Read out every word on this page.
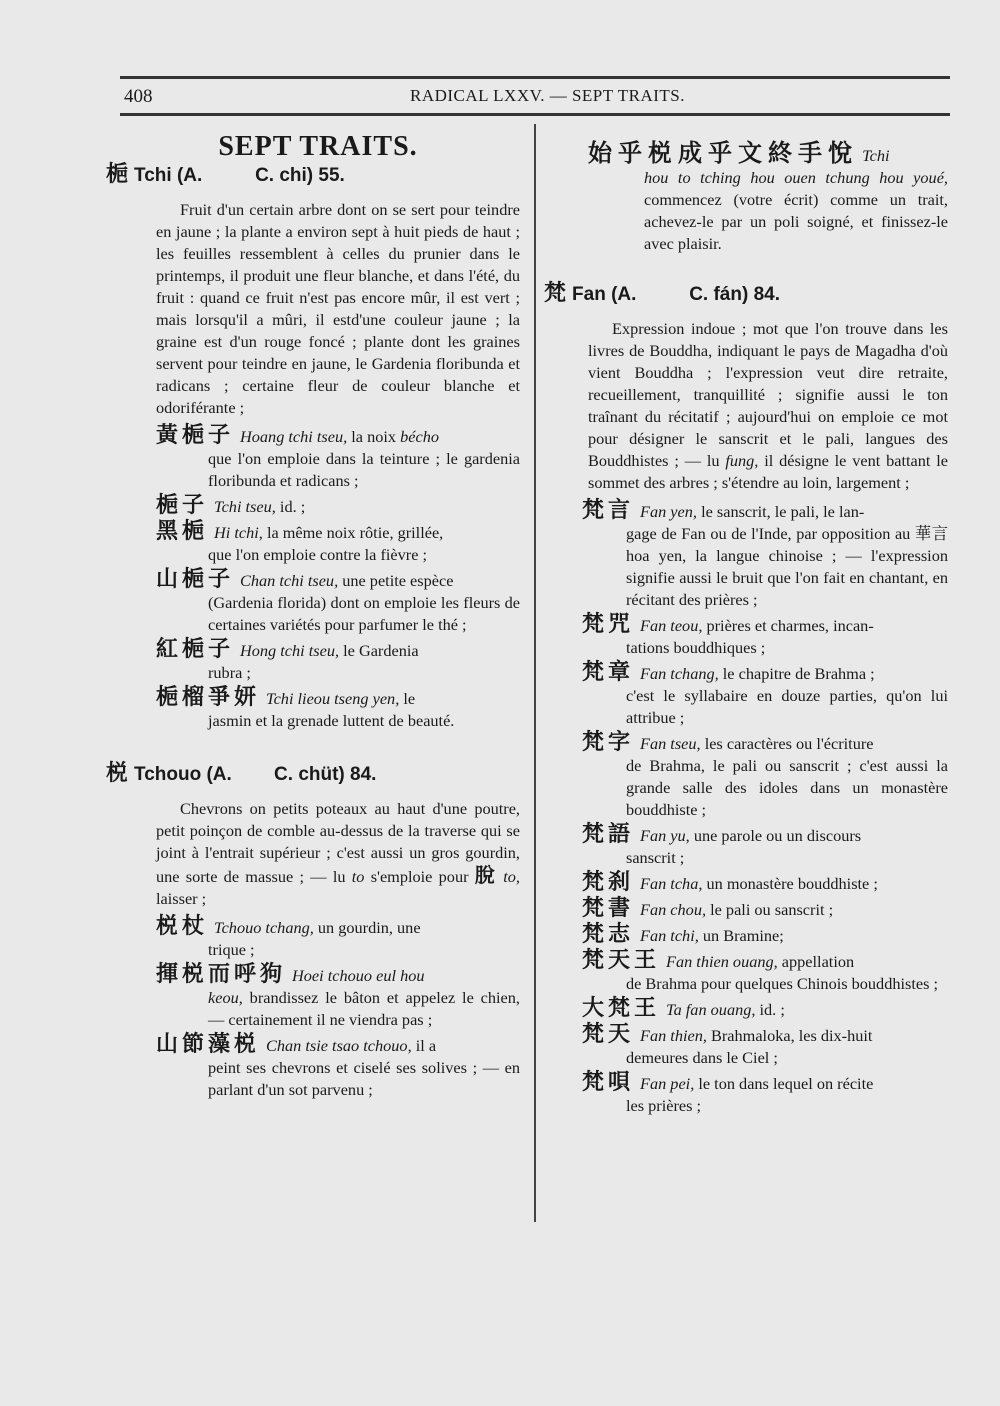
408	RADICAL LXXV. — SEPT TRAITS.
SEPT TRAITS.
梔 Tchi (A.	C. chi) 55.
Fruit d'un certain arbre dont on se sert pour teindre en jaune ; la plante a environ sept à huit pieds de haut ; les feuilles ressemblent à celles du prunier dans le printemps, il produit une fleur blanche, et dans l'été, du fruit : quand ce fruit n'est pas encore mûr, il est vert ; mais lorsqu'il a mûri, il estd'une couleur jaune ; la graine est d'un rouge foncé ; plante dont les graines servent pour teindre en jaune, le Gardenia floribunda et radicans ; certaine fleur de couleur blanche et odoriférante ;
黃梔子 Hoang tchi tseu, la noix bécho
que l'on emploie dans la teinture ; le gardenia floribunda et radicans ;
梔子 Tchi tseu, id. ;
黑梔 Hi tchi, la même noix rôtie, grillée,
que l'on emploie contre la fièvre ;
山梔子 Chan tchi tseu, une petite espèce
(Gardenia florida) dont on emploie les fleurs de certaines variétés pour parfumer le thé ;
紅梔子 Hong tchi tseu, le Gardenia
rubra ;
梔榴爭妍 Tchi lieou tseng yen, le
jasmin et la grenade luttent de beauté.
棁 Tchouo (A. C. chüt) 84.
Chevrons on petits poteaux au haut d'une poutre, petit poinçon de comble au-dessus de la traverse qui se joint à l'entrait supérieur ; c'est aussi un gros gourdin, une sorte de massue ; — lu to s'emploie pour 脫 to, laisser ;
棁杖 Tchouo tchang, un gourdin, une
trique ;
揮棁而呼狗 Hoei tchouo eul hou
keou, brandissez le bâton et appelez le chien, — certainement il ne viendra pas ;
山節藻棁 Chan tsie tsao tchouo, il a
peint ses chevrons et ciselé ses solives ; — en parlant d'un sot parvenu ;
始乎棁成乎文終手悅 Tchi
hou to tching hou ouen tchung hou youé, commencez (votre écrit) comme un trait, achevez-le par un poli soigné, et finissez-le avec plaisir.
梵 Fan (A.	C. fán) 84.
Expression indoue ; mot que l'on trouve dans les livres de Bouddha, indiquant le pays de Magadha d'où vient Bouddha ; l'expression veut dire retraite, recueillement, tranquillité ; signifie aussi le ton traînant du récitatif ; aujourd'hui on emploie ce mot pour désigner le sanscrit et le pali, langues des Bouddhistes ; — lu fung, il désigne le vent battant le sommet des arbres ; s'étendre au loin, largement ;
梵言 Fan yen, le sanscrit, le pali, le lan-
gage de Fan ou de l'Inde, par opposition au 華言 hoa yen, la langue chinoise ; — l'expression signifie aussi le bruit que l'on fait en chantant, en récitant des prières ;
梵咒 Fan teou, prières et charmes, incan-
tations bouddhiques ;
梵章 Fan tchang, le chapitre de Brahma ;
c'est le syllabaire en douze parties, qu'on lui attribue ;
梵字 Fan tseu, les caractères ou l'écriture
de Brahma, le pali ou sanscrit ; c'est aussi la grande salle des idoles dans un monastère bouddhiste ;
梵語 Fan yu, une parole ou un discours
sanscrit ;
梵刹 Fan tcha, un monastère bouddhiste ;
梵書 Fan chou, le pali ou sanscrit ;
梵志 Fan tchi, un Bramine;
梵天王 Fan thien ouang, appellation
de Brahma pour quelques Chinois bouddhistes ;
大梵王 Ta fan ouang, id. ;
梵天 Fan thien, Brahmaloka, les dix-huit
demeures dans le Ciel ;
梵唄 Fan pei, le ton dans lequel on récite
les prières ;
